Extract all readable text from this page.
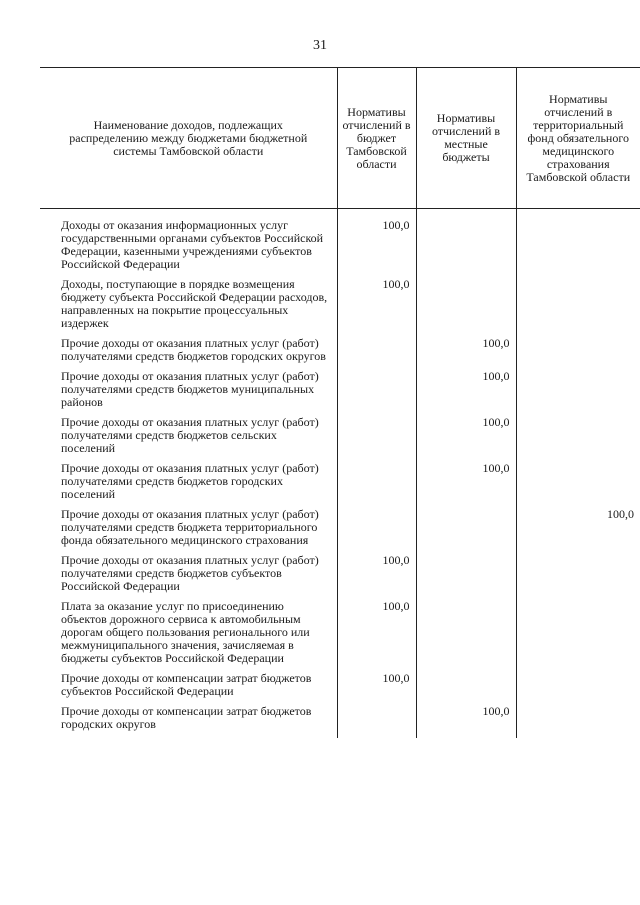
31
Наименование доходов, подлежащих распределению между бюджетами бюджетной системы Тамбовской области	Нормативы отчислений в бюджет Тамбовской области	Нормативы отчислений в местные бюджеты	Нормативы отчислений в территориальный фонд обязательного медицинского страхования Тамбовской области
Доходы от оказания информационных услуг государственными органами субъектов Российской Федерации, казенными учреждениями субъектов Российской Федерации	100,0		
Доходы, поступающие в порядке возмещения бюджету субъекта Российской Федерации расходов, направленных на покрытие процессуальных издержек	100,0		
Прочие доходы от оказания платных услуг (работ) получателями средств бюджетов городских округов		100,0	
Прочие доходы от оказания платных услуг (работ) получателями средств бюджетов муниципальных районов		100,0	
Прочие доходы от оказания платных услуг (работ) получателями средств бюджетов сельских поселений		100,0	
Прочие доходы от оказания платных услуг (работ) получателями средств бюджетов городских поселений		100,0	
Прочие доходы от оказания платных услуг (работ) получателями средств бюджета территориального фонда обязательного медицинского страхования			100,0
Прочие доходы от оказания платных услуг (работ) получателями средств бюджетов субъектов Российской Федерации	100,0		
Плата за оказание услуг по присоединению объектов дорожного сервиса к автомобильным дорогам общего пользования регионального или межмуниципального значения, зачисляемая в бюджеты субъектов Российской Федерации	100,0		
Прочие доходы от компенсации затрат бюджетов субъектов Российской Федерации	100,0		
Прочие доходы от компенсации затрат бюджетов городских округов		100,0	
